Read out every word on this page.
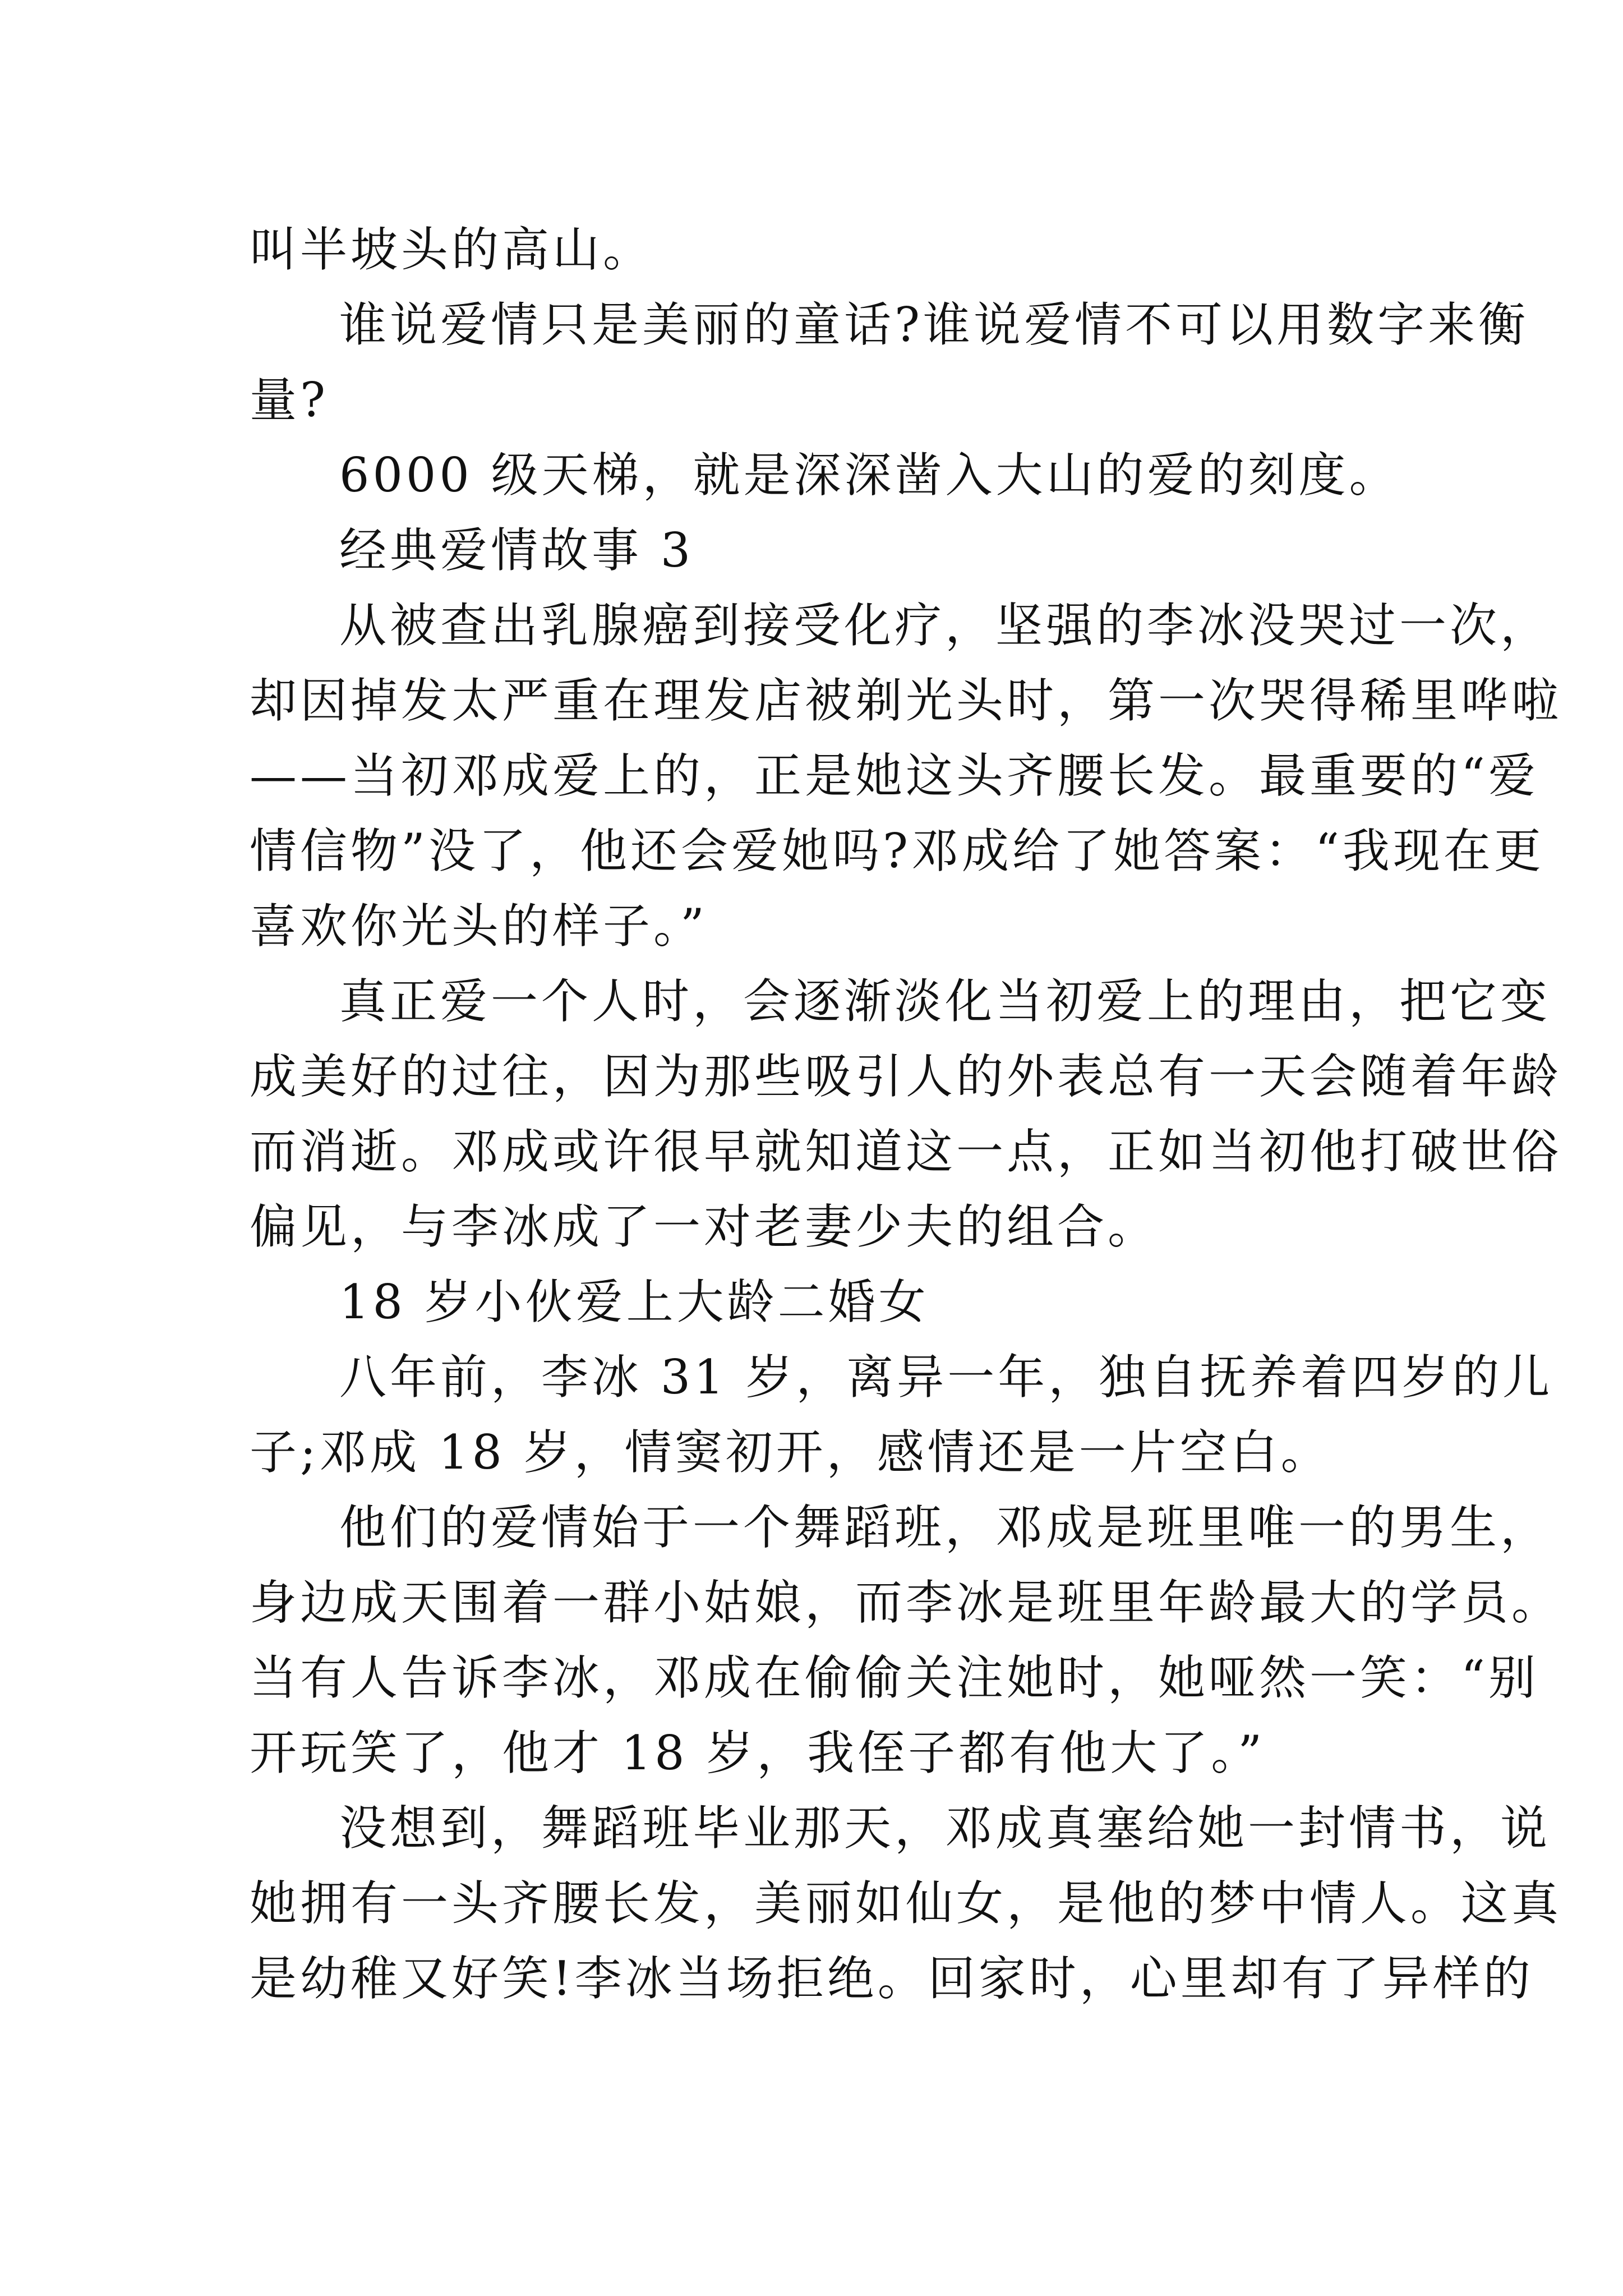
叫半坡头的高山。
谁说爱情只是美丽的童话?谁说爱情不可以用数字来衡
量?
6000 级天梯，就是深深凿入大山的爱的刻度。
经典爱情故事 3
从被查出乳腺癌到接受化疗，坚强的李冰没哭过一次，
却因掉发太严重在理发店被剃光头时，第一次哭得稀里哗啦
——当初邓成爱上的，正是她这头齐腰长发。最重要的“爱
情信物”没了，他还会爱她吗?邓成给了她答案：“我现在更
喜欢你光头的样子。”
真正爱一个人时，会逐渐淡化当初爱上的理由，把它变
成美好的过往，因为那些吸引人的外表总有一天会随着年龄
而消逝。邓成或许很早就知道这一点，正如当初他打破世俗
偏见，与李冰成了一对老妻少夫的组合。
18 岁小伙爱上大龄二婚女
八年前，李冰 31 岁，离异一年，独自抚养着四岁的儿
子;邓成 18 岁，情窦初开，感情还是一片空白。
他们的爱情始于一个舞蹈班，邓成是班里唯一的男生，
身边成天围着一群小姑娘，而李冰是班里年龄最大的学员。
当有人告诉李冰，邓成在偷偷关注她时，她哑然一笑：“别
开玩笑了，他才 18 岁，我侄子都有他大了。”
没想到，舞蹈班毕业那天，邓成真塞给她一封情书，说
她拥有一头齐腰长发，美丽如仙女，是他的梦中情人。这真
是幼稚又好笑!李冰当场拒绝。回家时，心里却有了异样的
